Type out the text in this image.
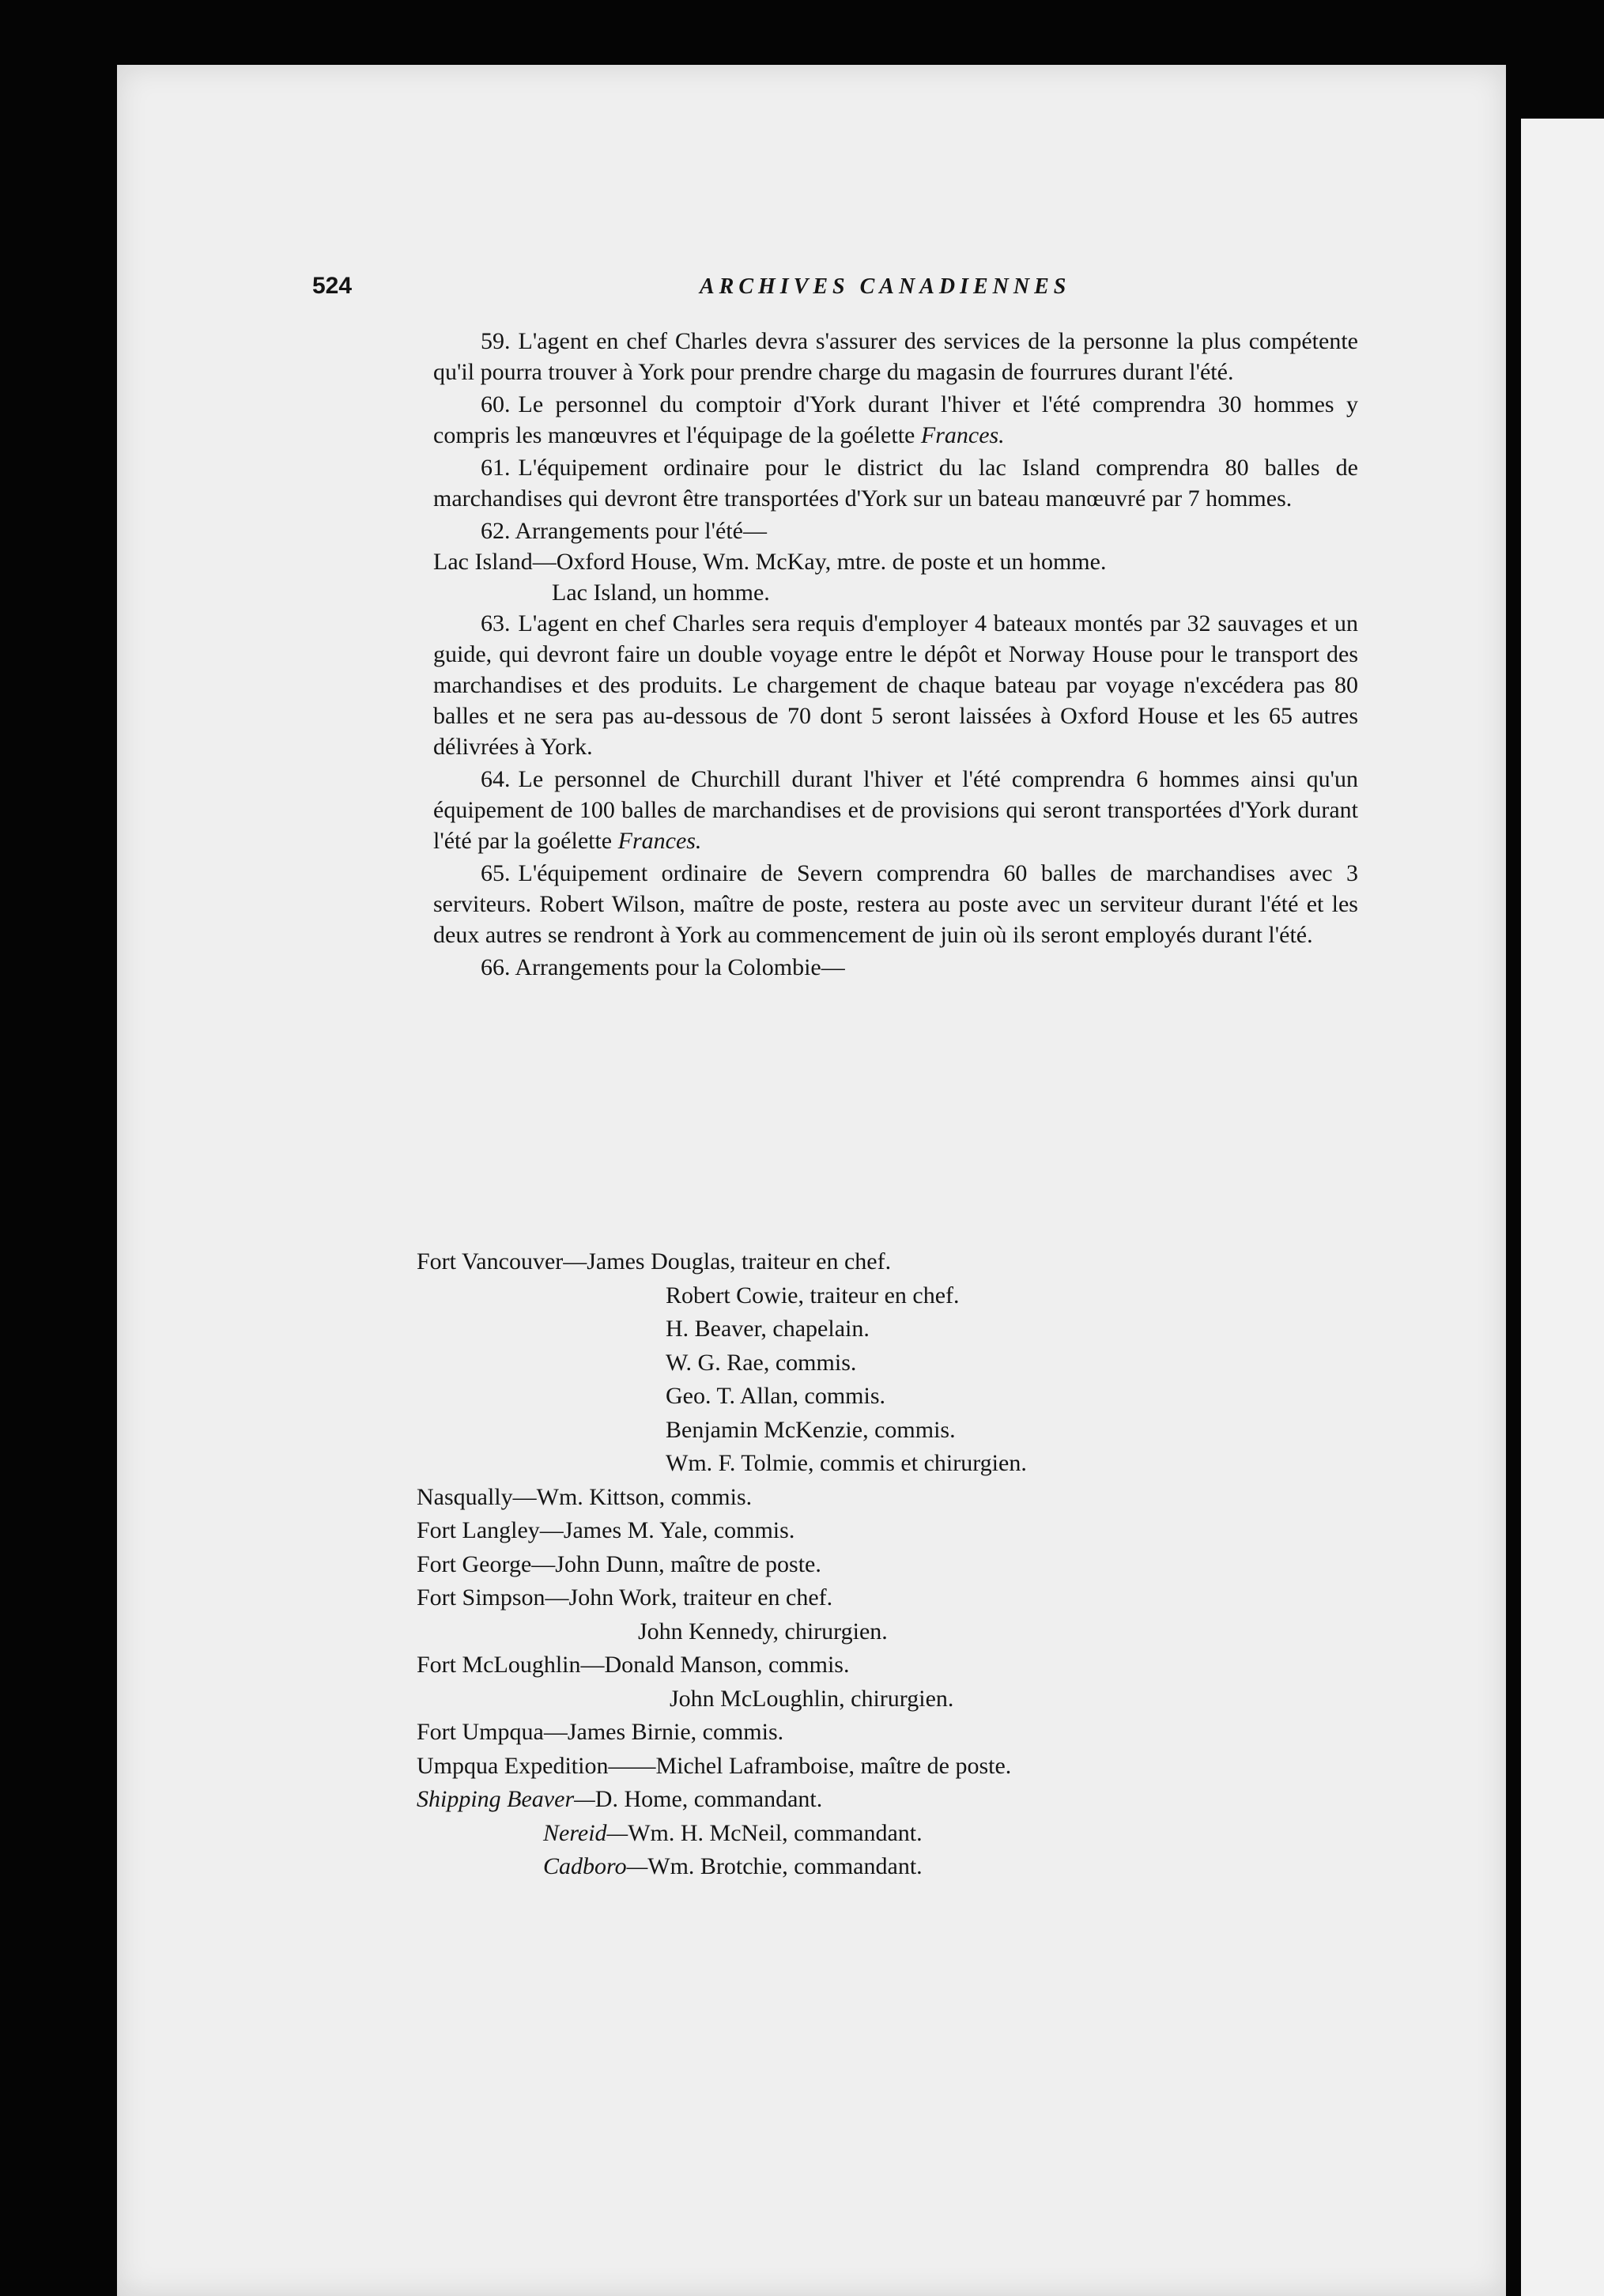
524	ARCHIVES CANADIENNES

59. L'agent en chef Charles devra s'assurer des services de la personne la plus compétente qu'il pourra trouver à York pour prendre charge du magasin de fourrures durant l'été.

60. Le personnel du comptoir d'York durant l'hiver et l'été comprendra 30 hommes y compris les manœuvres et l'équipage de la goélette Frances.

61. L'équipement ordinaire pour le district du lac Island comprendra 80 balles de marchandises qui devront être transportées d'York sur un bateau manœuvré par 7 hommes.

62. Arrangements pour l'été—

Lac Island—Oxford House, Wm. McKay, mtre. de poste et un homme.

Lac Island, un homme.

63. L'agent en chef Charles sera requis d'employer 4 bateaux montés par 32 sauvages et un guide, qui devront faire un double voyage entre le dépôt et Norway House pour le transport des marchandises et des produits. Le chargement de chaque bateau par voyage n'excédera pas 80 balles et ne sera pas au-dessous de 70 dont 5 seront laissées à Oxford House et les 65 autres délivrées à York.

64. Le personnel de Churchill durant l'hiver et l'été comprendra 6 hommes ainsi qu'un équipement de 100 balles de marchandises et de provisions qui seront transportées d'York durant l'été par la goélette Frances.

65. L'équipement ordinaire de Severn comprendra 60 balles de marchandises avec 3 serviteurs. Robert Wilson, maître de poste, restera au poste avec un serviteur durant l'été et les deux autres se rendront à York au commencement de juin où ils seront employés durant l'été.

66. Arrangements pour la Colombie—

Fort Vancouver—James Douglas, traiteur en chef.
Robert Cowie, traiteur en chef.
H. Beaver, chapelain.
W. G. Rae, commis.
Geo. T. Allan, commis.
Benjamin McKenzie, commis.
Wm. F. Tolmie, commis et chirurgien.
Nasqually—Wm. Kittson, commis.
Fort Langley—James M. Yale, commis.
Fort George—John Dunn, maître de poste.
Fort Simpson—John Work, traiteur en chef.
John Kennedy, chirurgien.
Fort McLoughlin—Donald Manson, commis.
John McLoughlin, chirurgien.
Fort Umpqua—James Birnie, commis.
Umpqua Expedition——Michel Laframboise, maître de poste.
Shipping Beaver—D. Home, commandant.
Nereid—Wm. H. McNeil, commandant.
Cadboro—Wm. Brotchie, commandant.
